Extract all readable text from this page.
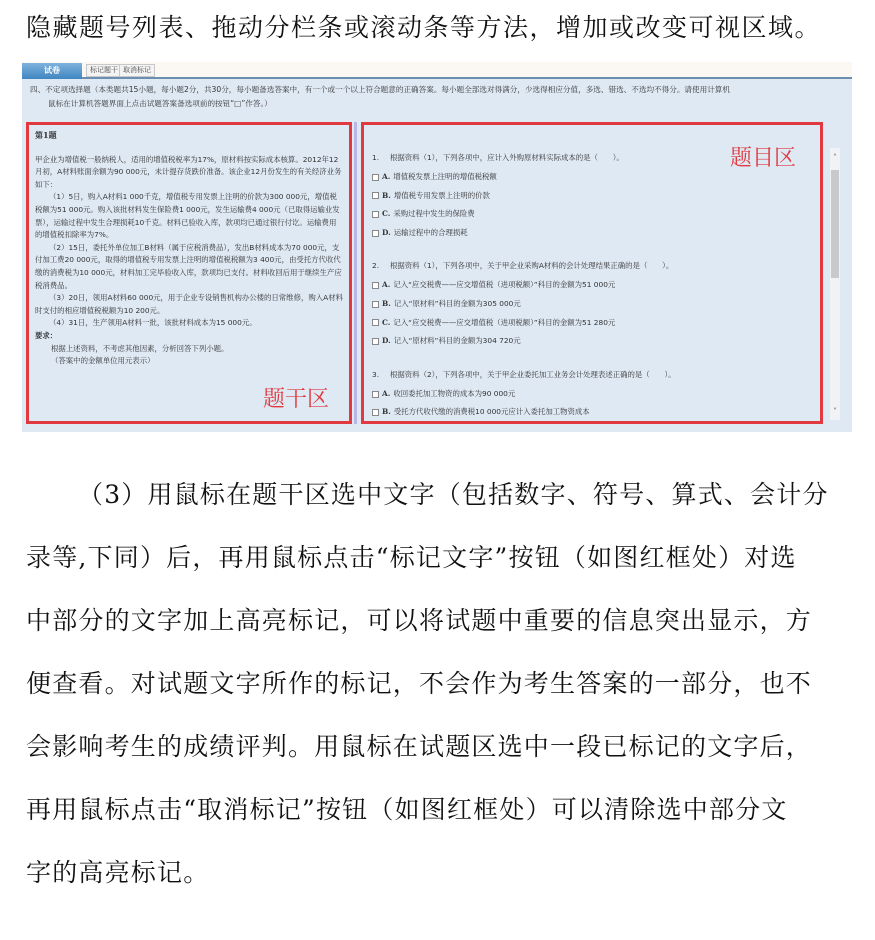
隐藏题号列表、拖动分栏条或滚动条等方法，增加或改变可视区域。
试卷	标记题干 取消标记
四、不定项选择题（本类题共15小题，每小题2分，共30分，每小题备选答案中，有一个或一个以上符合题意的正确答案。每小题全部选对得满分，少选得相应分值，多选、错选、不选均不得分。请使用计算机
鼠标在计算机答题界面上点击试题答案备选项前的按钮“□”作答。）
第1题
甲企业为增值税一般纳税人，适用的增值税税率为17%，原材料按实际成本核算。2012年12月初，A材料账面余额为90 000元，未计提存货跌价准备。该企业12月份发生的有关经济业务如下：
（1）5日，购入A材料1 000千克，增值税专用发票上注明的价款为300 000元，增值税税额为51 000元。购入该批材料发生保险费1 000元，发生运输费4 000元（已取得运输业发票），运输过程中发生合理损耗10千克。材料已验收入库，款项均已通过银行付讫。运输费用的增值税扣除率为7%。
（2）15日，委托外单位加工B材料（属于应税消费品），发出B材料成本为70 000元，支付加工费20 000元，取得的增值税专用发票上注明的增值税税额为3 400元，由受托方代收代缴的消费税为10 000元，材料加工完毕验收入库，款项均已支付。材料收回后用于继续生产应税消费品。
（3）20日，领用A材料60 000元，用于企业专设销售机构办公楼的日常维修，购入A材料时支付的相应增值税税额为10 200元。
（4）31日，生产领用A材料一批，该批材料成本为15 000元。
要求：
根据上述资料，不考虑其他因素，分析回答下列小题。
（答案中的金额单位用元表示）
题干区
题目区
1. 根据资料（1），下列各项中，应计入外购原材料实际成本的是（　　）。
A. 增值税发票上注明的增值税税额
B. 增值税专用发票上注明的价款
C. 采购过程中发生的保险费
D. 运输过程中的合理损耗
2. 根据资料（1），下列各项中，关于甲企业采购A材料的会计处理结果正确的是（　　）。
A. 记入“应交税费——应交增值税（进项税额）”科目的金额为51 000元
B. 记入“原材料”科目的金额为305 000元
C. 记入“应交税费——应交增值税（进项税额）”科目的金额为51 280元
D. 记入“原材料”科目的金额为304 720元
3. 根据资料（2），下列各项中，关于甲企业委托加工业务会计处理表述正确的是（　　）。
A. 收回委托加工物资的成本为90 000元
B. 受托方代收代缴的消费税10 000元应计入委托加工物资成本
˄
˅
（3）用鼠标在题干区选中文字（包括数字、符号、算式、会计分
录等,下同）后，再用鼠标点击“标记文字”按钮（如图红框处）对选
中部分的文字加上高亮标记，可以将试题中重要的信息突出显示，方
便查看。对试题文字所作的标记，不会作为考生答案的一部分，也不
会影响考生的成绩评判。用鼠标在试题区选中一段已标记的文字后，
再用鼠标点击“取消标记”按钮（如图红框处）可以清除选中部分文
字的高亮标记。
